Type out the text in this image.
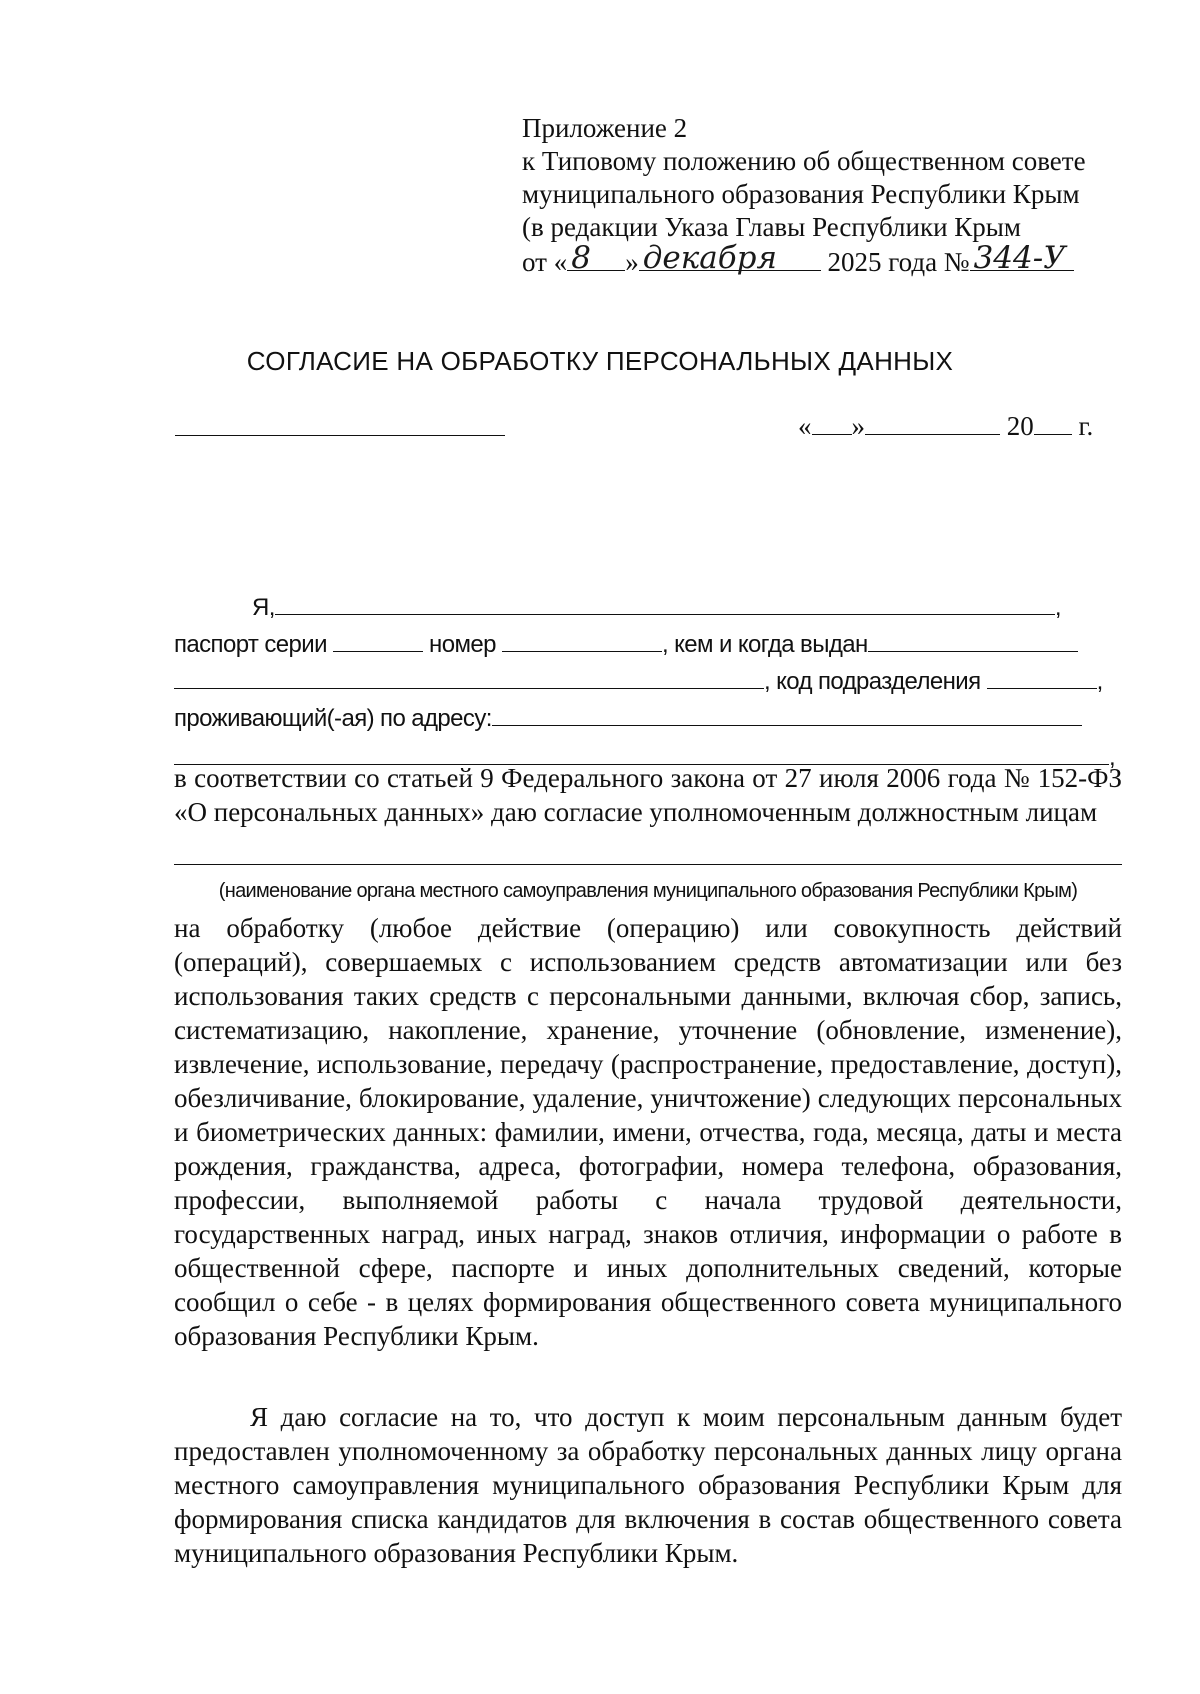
Приложение 2
к Типовому положению об общественном совете
муниципального образования Республики Крым
(в редакции Указа Главы Республики Крым
от « 8 » декабря 2025 года № 344-У
СОГЛАСИЕ НА ОБРАБОТКУ ПЕРСОНАЛЬНЫХ ДАННЫХ
« »	20 г.
Я,	,
паспорт серии	номер	, кем и когда выдан
, код подразделения	,
проживающий(-ая) по адресу:
,
в соответствии со статьей 9 Федерального закона от 27 июля 2006 года № 152-ФЗ «О персональных данных» даю согласие уполномоченным должностным лицам
(наименование органа местного самоуправления муниципального образования Республики Крым)
на обработку (любое действие (операцию) или совокупность действий (операций), совершаемых с использованием средств автоматизации или без использования таких средств с персональными данными, включая сбор, запись, систематизацию, накопление, хранение, уточнение (обновление, изменение), извлечение, использование, передачу (распространение, предоставление, доступ), обезличивание, блокирование, удаление, уничтожение) следующих персональных и биометрических данных: фамилии, имени, отчества, года, месяца, даты и места рождения, гражданства, адреса, фотографии, номера телефона, образования, профессии, выполняемой работы с начала трудовой деятельности, государственных наград, иных наград, знаков отличия, информации о работе в общественной сфере, паспорте и иных дополнительных сведений, которые сообщил о себе - в целях формирования общественного совета муниципального образования Республики Крым.
Я даю согласие на то, что доступ к моим персональным данным будет предоставлен уполномоченному за обработку персональных данных лицу органа местного самоуправления муниципального образования Республики Крым для формирования списка кандидатов для включения в состав общественного совета муниципального образования Республики Крым.
